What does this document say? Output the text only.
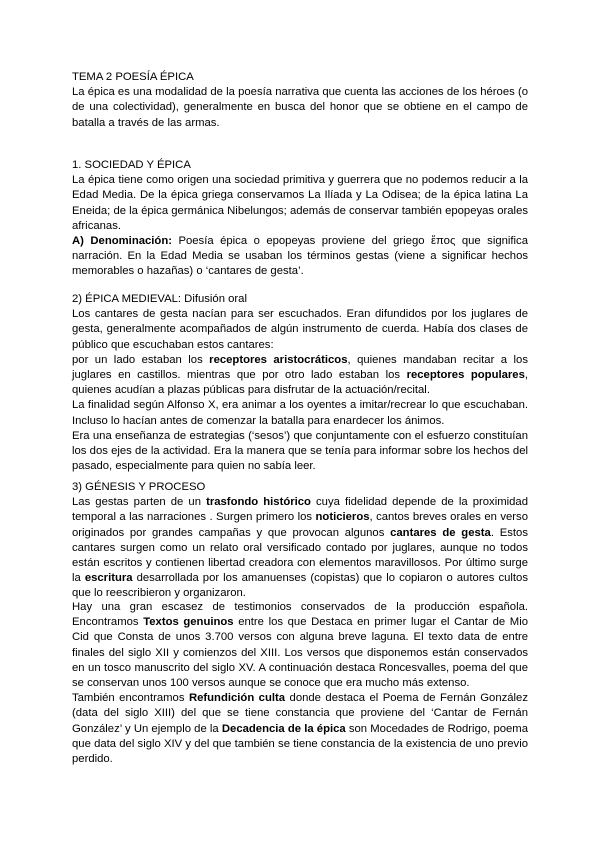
TEMA 2 POESÍA ÉPICA

La épica es una modalidad de la poesía narrativa que cuenta las acciones de los héroes (o de una colectividad), generalmente en busca del honor que se obtiene en el campo de batalla a través de las armas.

1. SOCIEDAD Y ÉPICA

La épica tiene como origen una sociedad primitiva y guerrera que no podemos reducir a la Edad Media. De la épica griega conservamos La Ilíada y La Odisea; de la épica latina La Eneida; de la épica germánica Nibelungos; además de conservar también epopeyas orales africanas.

A) Denominación: Poesía épica o epopeyas proviene del griego ἔπος que significa narración. En la Edad Media se usaban los términos gestas (viene a significar hechos memorables o hazañas) o ‘cantares de gesta’.

2) ÉPICA MEDIEVAL: Difusión oral

Los cantares de gesta nacían para ser escuchados. Eran difundidos por los juglares de gesta, generalmente acompañados de algún instrumento de cuerda. Había dos clases de público que escuchaban estos cantares:

por un lado estaban los receptores aristocráticos, quienes mandaban recitar a los juglares en castillos. mientras que por otro lado estaban los receptores populares, quienes acudían a plazas públicas para disfrutar de la actuación/recital.

La finalidad según Alfonso X, era animar a los oyentes a imitar/recrear lo que escuchaban. Incluso lo hacían antes de comenzar la batalla para enardecer los ánimos.

Era una enseñanza de estrategias (‘sesos’) que conjuntamente con el esfuerzo constituían los dos ejes de la actividad. Era la manera que se tenía para informar sobre los hechos del pasado, especialmente para quien no sabía leer.

3) GÉNESIS Y PROCESO

Las gestas parten de un trasfondo histórico cuya fidelidad depende de la proximidad temporal a las narraciones . Surgen primero los noticieros, cantos breves orales en verso originados por grandes campañas y que provocan algunos cantares de gesta. Estos cantares surgen como un relato oral versificado contado por juglares, aunque no todos están escritos y contienen libertad creadora con elementos maravillosos. Por último surge la escritura desarrollada por los amanuenses (copistas) que lo copiaron o autores cultos que lo reescribieron y organizaron.

Hay una gran escasez de testimonios conservados de la producción española. Encontramos Textos genuinos entre los que Destaca en primer lugar el Cantar de Mio Cid que Consta de unos 3.700 versos con alguna breve laguna. El texto data de entre finales del siglo XII y comienzos del XIII. Los versos que disponemos están conservados en un tosco manuscrito del siglo XV. A continuación destaca Roncesvalles, poema del que se conservan unos 100 versos aunque se conoce que era mucho más extenso.

También encontramos Refundición culta donde destaca el Poema de Fernán González (data del siglo XIII) del que se tiene constancia que proviene del ‘Cantar de Fernán González’ y Un ejemplo de la Decadencia de la épica son Mocedades de Rodrigo, poema que data del siglo XIV y del que también se tiene constancia de la existencia de uno previo perdido.
